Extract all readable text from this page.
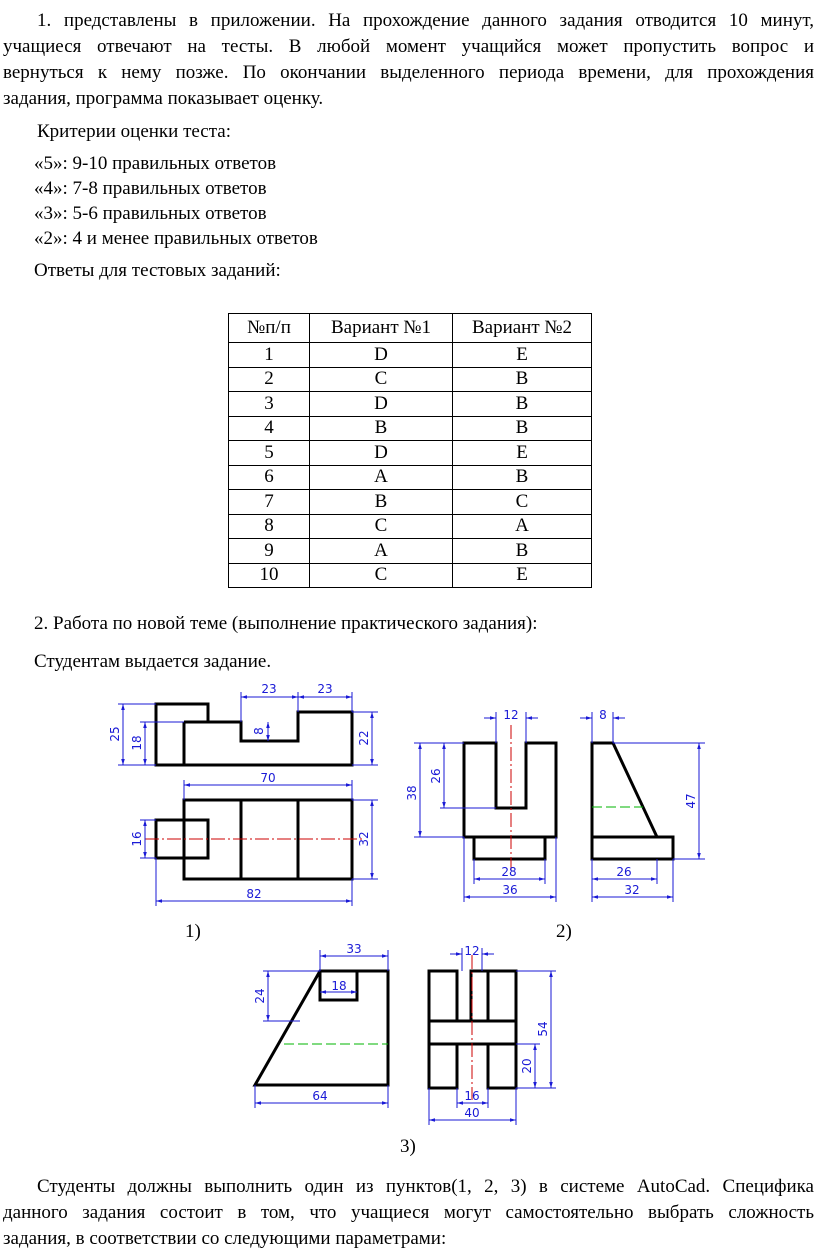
1. представлены в приложении. На прохождение данного задания отводится 10 минут,
учащиеся отвечают на тесты. В любой момент учащийся может пропустить вопрос и
вернуться к нему позже. По окончании выделенного периода времени, для прохождения
задания, программа показывает оценку.
Критерии оценки теста:
«5»: 9-10 правильных ответов
«4»: 7-8 правильных ответов
«3»: 5-6 правильных ответов
«2»: 4 и менее правильных ответов
Ответы для тестовых заданий:
№п/п	Вариант №1	Вариант №2
1	D	E
2	C	B
3	D	B
4	B	B
5	D	E
6	A	B
7	B	C
8	C	A
9	A	B
10	C	E
2. Работа по новой теме (выполнение практического задания):
Студентам выдается задание.
23	23
25
18
8	22
70
16	32
82
12	8
38
26
47
28
36
26
32
33
18
24
64
12
54
20
16
40
1)	2)
3)
Студенты должны выполнить один из пунктов(1, 2, 3) в системе AutoCad. Специфика
данного задания состоит в том, что учащиеся могут самостоятельно выбрать сложность
задания, в соответствии со следующими параметрами:
